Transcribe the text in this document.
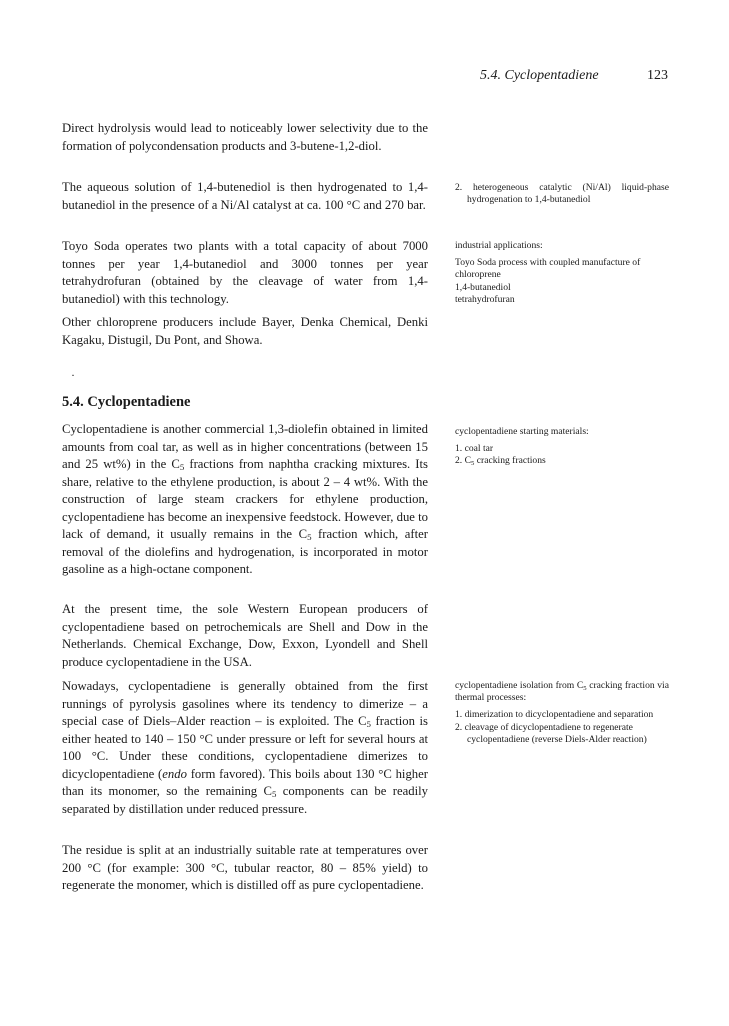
5.4. Cyclopentadiene	123

Direct hydrolysis would lead to noticeably lower selectivity due to the formation of polycondensation products and 3-butene-1,2-diol.

The aqueous solution of 1,4-butenediol is then hydrogenated to 1,4-butanediol in the presence of a Ni/Al catalyst at ca. 100 °C and 270 bar.

Toyo Soda operates two plants with a total capacity of about 7000 tonnes per year 1,4-butanediol and 3000 tonnes per year tetrahydrofuran (obtained by the cleavage of water from 1,4-butanediol) with this technology.

Other chloroprene producers include Bayer, Denka Chemical, Denki Kagaku, Distugil, Du Pont, and Showa.

·
5.4. Cyclopentadiene

Cyclopentadiene is another commercial 1,3-diolefin obtained in limited amounts from coal tar, as well as in higher concentrations (between 15 and 25 wt%) in the $C_5$ fractions from naphtha cracking mixtures. Its share, relative to the ethylene production, is about 2 – 4 wt%. With the construction of large steam crackers for ethylene production, cyclopentadiene has become an inexpensive feedstock. However, due to lack of demand, it usually remains in the $C_5$ fraction which, after removal of the diolefins and hydrogenation, is incorporated in motor gasoline as a high-octane component.

At the present time, the sole Western European producers of cyclopentadiene based on petrochemicals are Shell and Dow in the Netherlands. Chemical Exchange, Dow, Exxon, Lyondell and Shell produce cyclopentadiene in the USA.

Nowadays, cyclopentadiene is generally obtained from the first runnings of pyrolysis gasolines where its tendency to dimerize – a special case of Diels–Alder reaction – is exploited. The $C_5$ fraction is either heated to 140 – 150 °C under pressure or left for several hours at 100 °C. Under these conditions, cyclopentadiene dimerizes to dicyclopentadiene (endo form favored). This boils about 130 °C higher than its monomer, so the remaining $C_5$ components can be readily separated by distillation under reduced pressure.

The residue is split at an industrially suitable rate at temperatures over 200 °C (for example: 300 °C, tubular reactor, 80 – 85% yield) to regenerate the monomer, which is distilled off as pure cyclopentadiene.

2. heterogeneous catalytic (Ni/Al) liquid-phase hydrogenation to 1,4-butanediol

industrial applications:

Toyo Soda process with coupled manufacture of chloroprene

1,4-butanediol

tetrahydrofuran

cyclopentadiene starting materials:

1. coal tar

2. $C_5$ cracking fractions

cyclopentadiene isolation from $C_5$ cracking fraction via thermal processes:

1. dimerization to dicyclopentadiene and separation

2. cleavage of dicyclopentadiene to regenerate cyclopentadiene (reverse Diels-Alder reaction)
